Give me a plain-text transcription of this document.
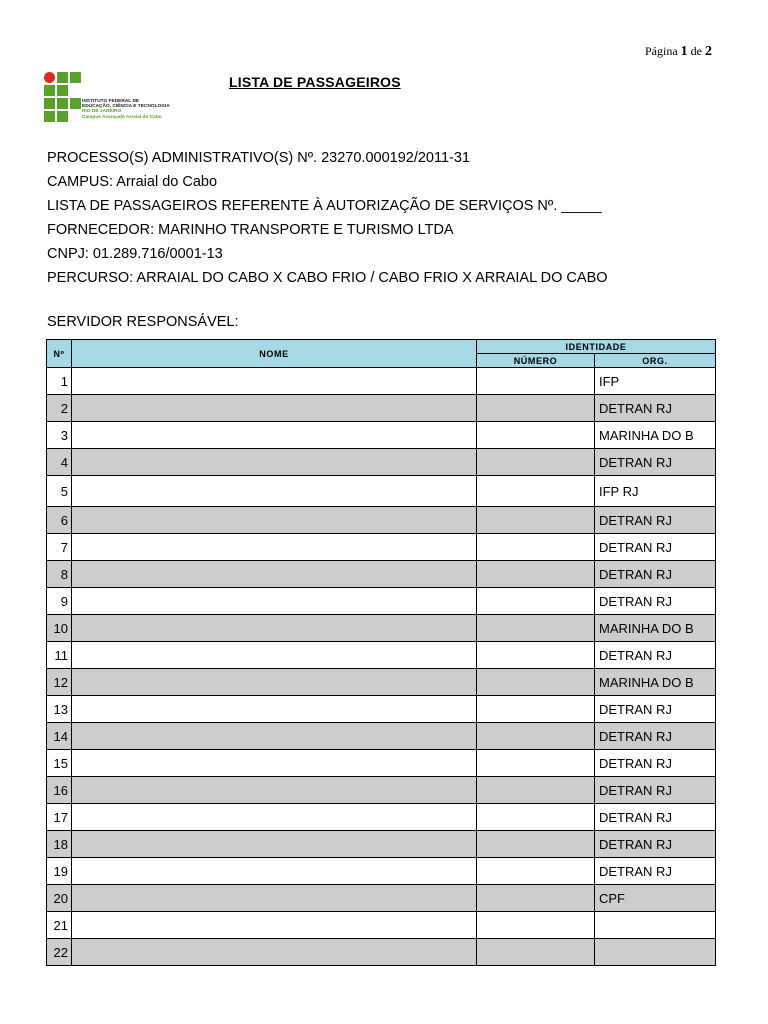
Página 1 de 2
INSTITUTO FEDERAL DE
EDUCAÇÃO, CIÊNCIA E TECNOLOGIA
RIO DE JANEIRO
Campus Avançado Arraial do Cabo
LISTA DE PASSAGEIROS
PROCESSO(S) ADMINISTRATIVO(S) Nº. 23270.000192/2011-31
CAMPUS: Arraial do Cabo
LISTA DE PASSAGEIROS REFERENTE À AUTORIZAÇÃO DE SERVIÇOS Nº. _____
FORNECEDOR: MARINHO TRANSPORTE E TURISMO LTDA
CNPJ: 01.289.716/0001-13
PERCURSO: ARRAIAL DO CABO X CABO FRIO / CABO FRIO X ARRAIAL DO CABO
SERVIDOR RESPONSÁVEL:
Nº	NOME	IDENTIDADE	
		NÚMERO	ORG.
1			IFP
2			DETRAN RJ
3			MARINHA DO B
4			DETRAN RJ
5			IFP RJ
6			DETRAN RJ
7			DETRAN RJ
8			DETRAN RJ
9			DETRAN RJ
10			MARINHA DO B
11			DETRAN RJ
12			MARINHA DO B
13			DETRAN RJ
14			DETRAN RJ
15			DETRAN RJ
16			DETRAN RJ
17			DETRAN RJ
18			DETRAN RJ
19			DETRAN RJ
20			CPF
21			
22			
